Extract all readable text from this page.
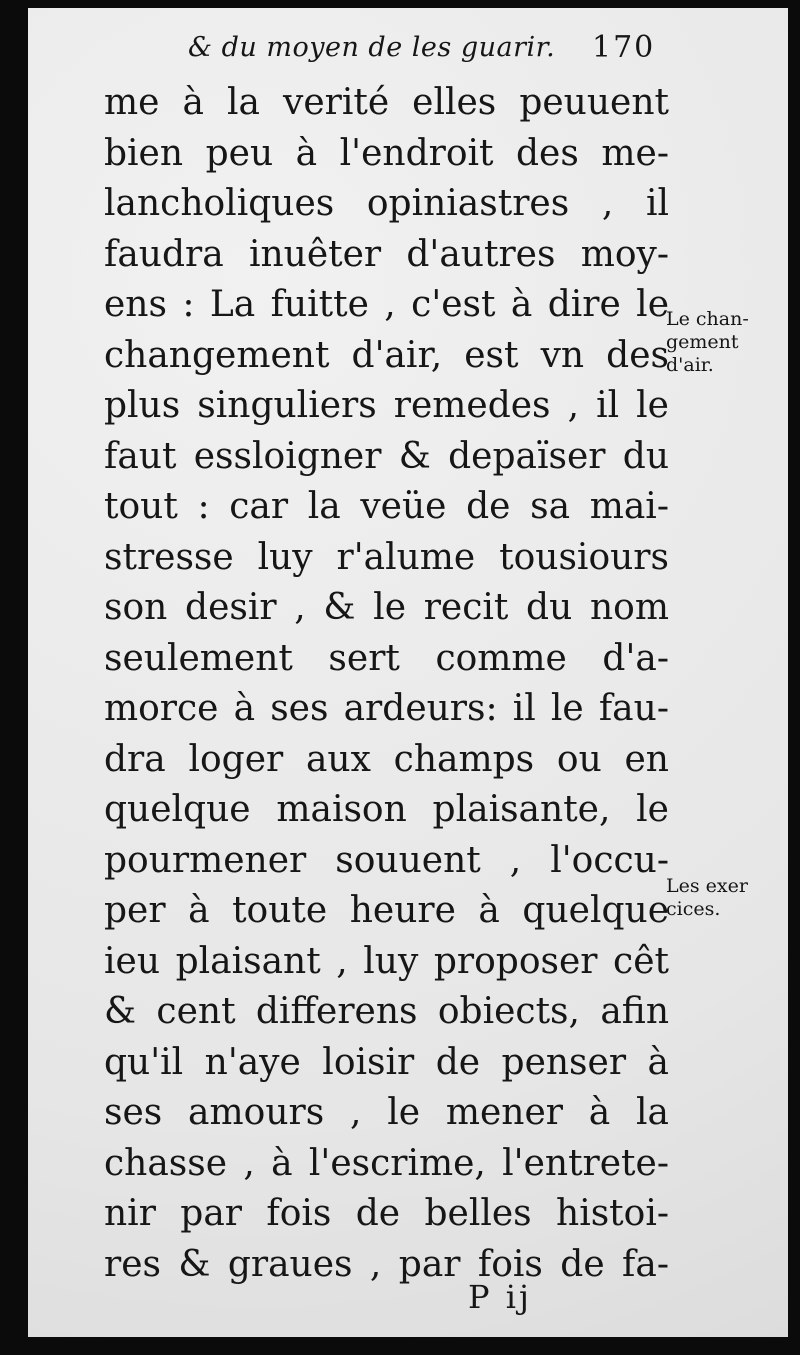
& du moyen de les guarir. 170
me à la verité elles peuuent
bien peu à l'endroit des me-
lancholiques opiniastres , il
faudra inuêter d'autres moy-
ens : La fuitte , c'est à dire le
changement d'air, est vn des
plus singuliers remedes , il le
faut essloigner & depaïser du
tout : car la veüe de sa mai-
stresse luy r'alume tousiours
son desir , & le recit du nom
seulement sert comme d'a-
morce à ses ardeurs: il le fau-
dra loger aux champs ou en
quelque maison plaisante, le
pourmener souuent , l'occu-
per à toute heure à quelque
ieu plaisant , luy proposer cêt
& cent differens obiects, afin
qu'il n'aye loisir de penser à
ses amours , le mener à la
chasse , à l'escrime, l'entrete-
nir par fois de belles histoi-
res & graues , par fois de fa-
Le chan-
gement
d'air.
Les exer
cices.
P ij
